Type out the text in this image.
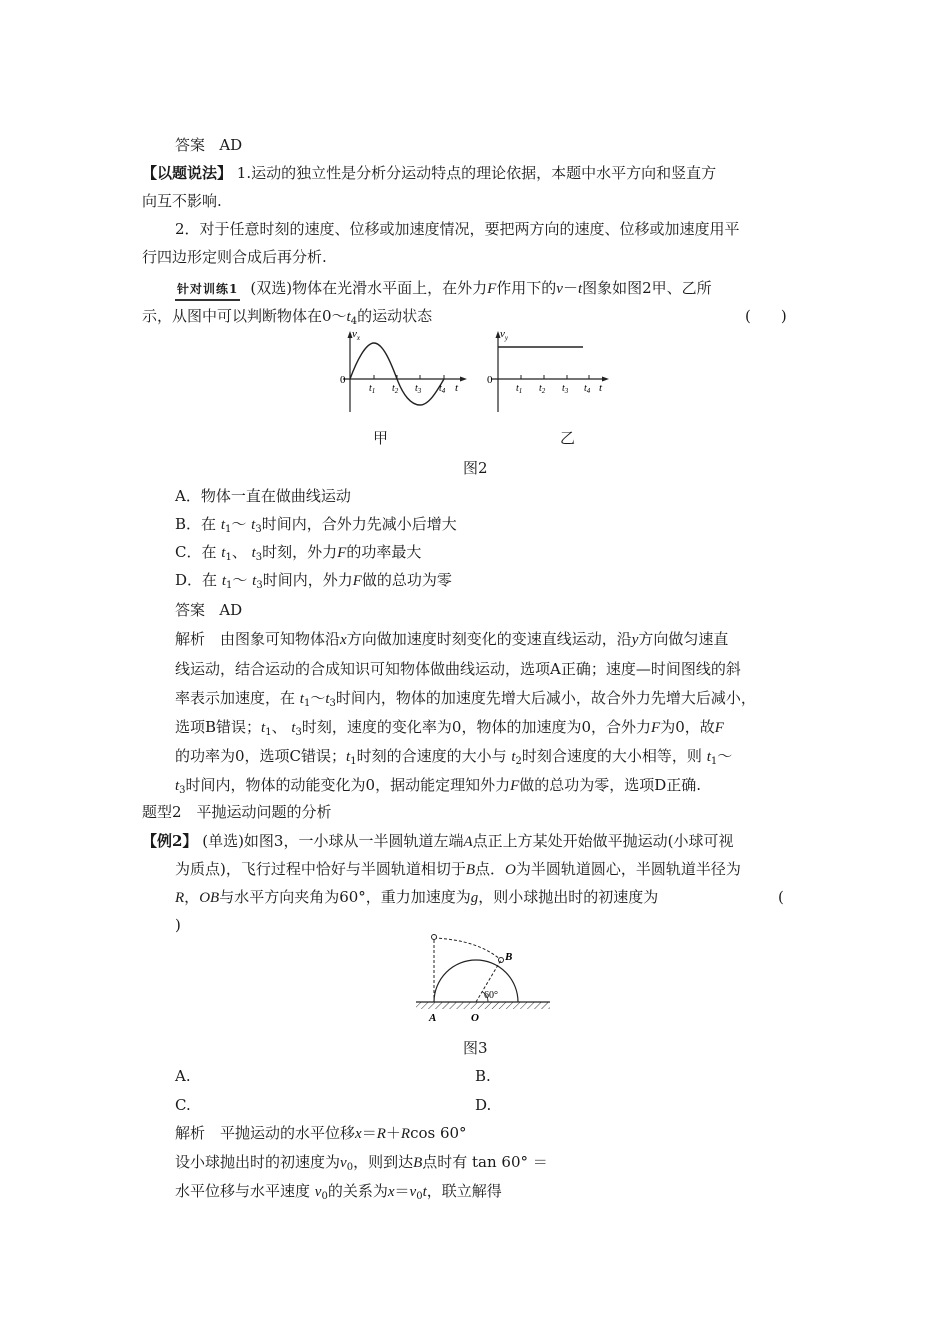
答案 AD
【以题说法】 1.运动的独立性是分析分运动特点的理论依据，本题中水平方向和竖直方
向互不影响.
2．对于任意时刻的速度、位移或加速度情况，要把两方向的速度、位移或加速度用平
行四边形定则合成后再分析.
针对训练1 (双选)物体在光滑水平面上，在外力F作用下的v－t图象如图2甲、乙所
示，从图中可以判断物体在$0\sim t_4$的运动状态	(　　)
$v_x$
0
$t_1$ $t_2$ $t_3$ $t_4$ t
$v_y$
0
$t_1$ $t_2$ $t_3$ $t_4$ t
甲	乙
图2
A．物体一直在做曲线运动
B．在 $t_1\sim$ $t_3$时间内，合外力先减小后增大
C．在 $t_1$、 $t_3$时刻，外力F的功率最大
D．在 $t_1\sim$ $t_3$时间内，外力F做的总功为零
答案 AD
解析　由图象可知物体沿x方向做加速度时刻变化的变速直线运动，沿y方向做匀速直
线运动，结合运动的合成知识可知物体做曲线运动，选项A正确；速度—时间图线的斜
率表示加速度，在 $t_1\sim t_3$时间内，物体的加速度先增大后减小，故合外力先增大后减小，
选项B错误；$t_1$、 $t_3$时刻，速度的变化率为0，物体的加速度为0，合外力F为0，故F
的功率为0，选项C错误；$t_1$时刻的合速度的大小与 $t_2$时刻合速度的大小相等，则 $t_1\sim$
$t_3$时间内，物体的动能变化为0，据动能定理知外力F做的总功为零，选项D正确.
题型2　平抛运动问题的分析
【例2】 (单选)如图3，一小球从一半圆轨道左端A点正上方某处开始做平抛运动(小球可视
为质点)，飞行过程中恰好与半圆轨道相切于B点．O为半圆轨道圆心，半圆轨道半径为
R，OB与水平方向夹角为60°，重力加速度为g，则小球抛出时的初速度为	(
)
60°
B
A	O
图3
A.	B.
C.	D.
解析　平抛运动的水平位移x＝R＋Rcos 60°
设小球抛出时的初速度为$v_0$，则到达B点时有 tan 60° ＝
水平位移与水平速度 $v_0$的关系为$x=v_0t$，联立解得
